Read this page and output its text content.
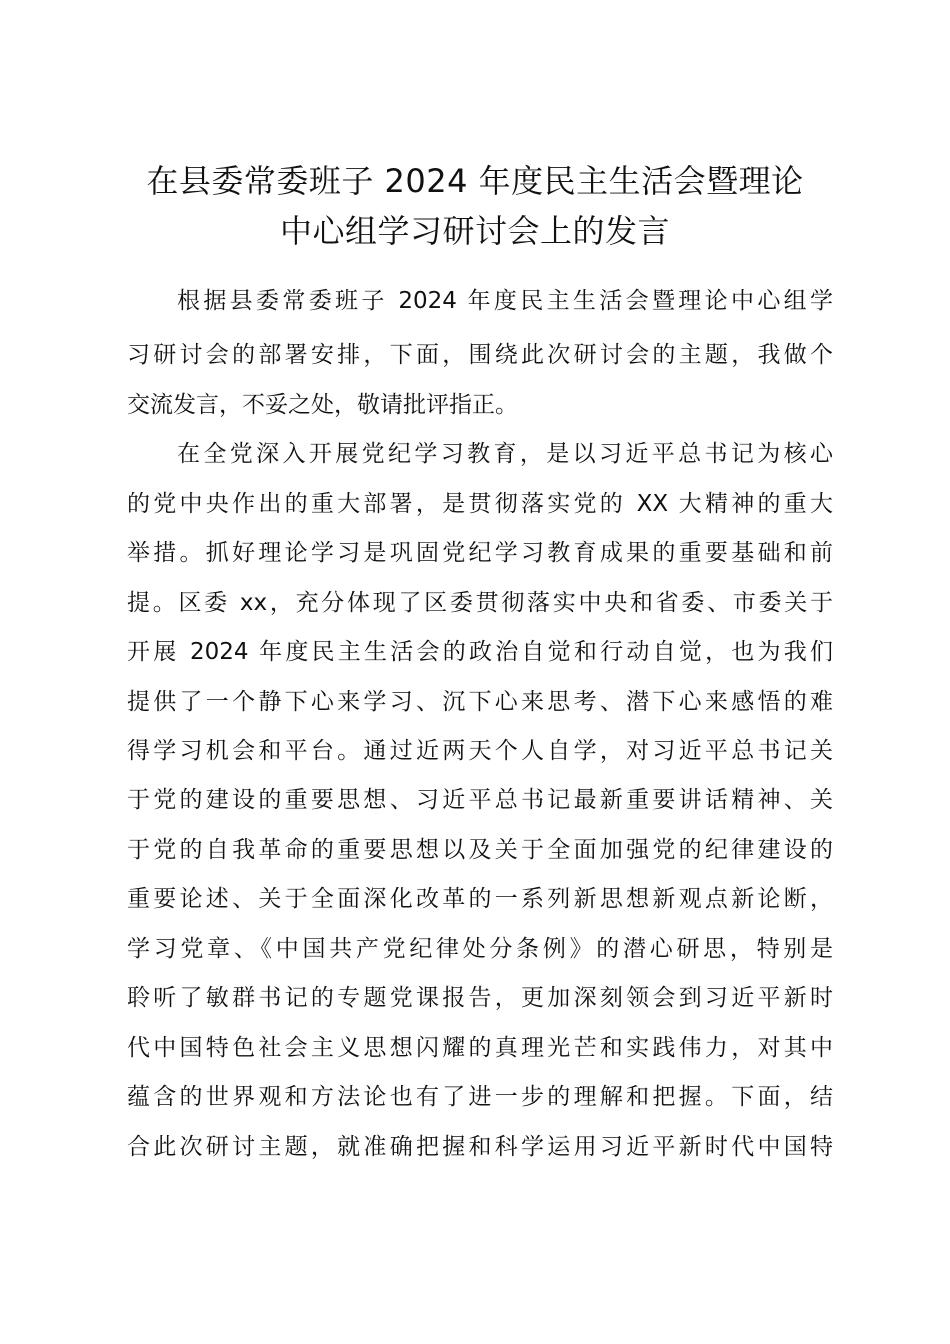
在县委常委班子 2024 年度民主生活会暨理论
中心组学习研讨会上的发言
根据县委常委班子 2024 年度民主生活会暨理论中心组学
习研讨会的部署安排，下面，围绕此次研讨会的主题，我做个
交流发言，不妥之处，敬请批评指正。
在全党深入开展党纪学习教育，是以习近平总书记为核心
的党中央作出的重大部署，是贯彻落实党的 XX 大精神的重大
举措。抓好理论学习是巩固党纪学习教育成果的重要基础和前
提。区委 xx，充分体现了区委贯彻落实中央和省委、市委关于
开展 2024 年度民主生活会的政治自觉和行动自觉，也为我们
提供了一个静下心来学习、沉下心来思考、潜下心来感悟的难
得学习机会和平台。通过近两天个人自学，对习近平总书记关
于党的建设的重要思想、习近平总书记最新重要讲话精神、关
于党的自我革命的重要思想以及关于全面加强党的纪律建设的
重要论述、关于全面深化改革的一系列新思想新观点新论断，
学习党章、《中国共产党纪律处分条例》的潜心研思，特别是
聆听了敏群书记的专题党课报告，更加深刻领会到习近平新时
代中国特色社会主义思想闪耀的真理光芒和实践伟力，对其中
蕴含的世界观和方法论也有了进一步的理解和把握。下面，结
合此次研讨主题，就准确把握和科学运用习近平新时代中国特
